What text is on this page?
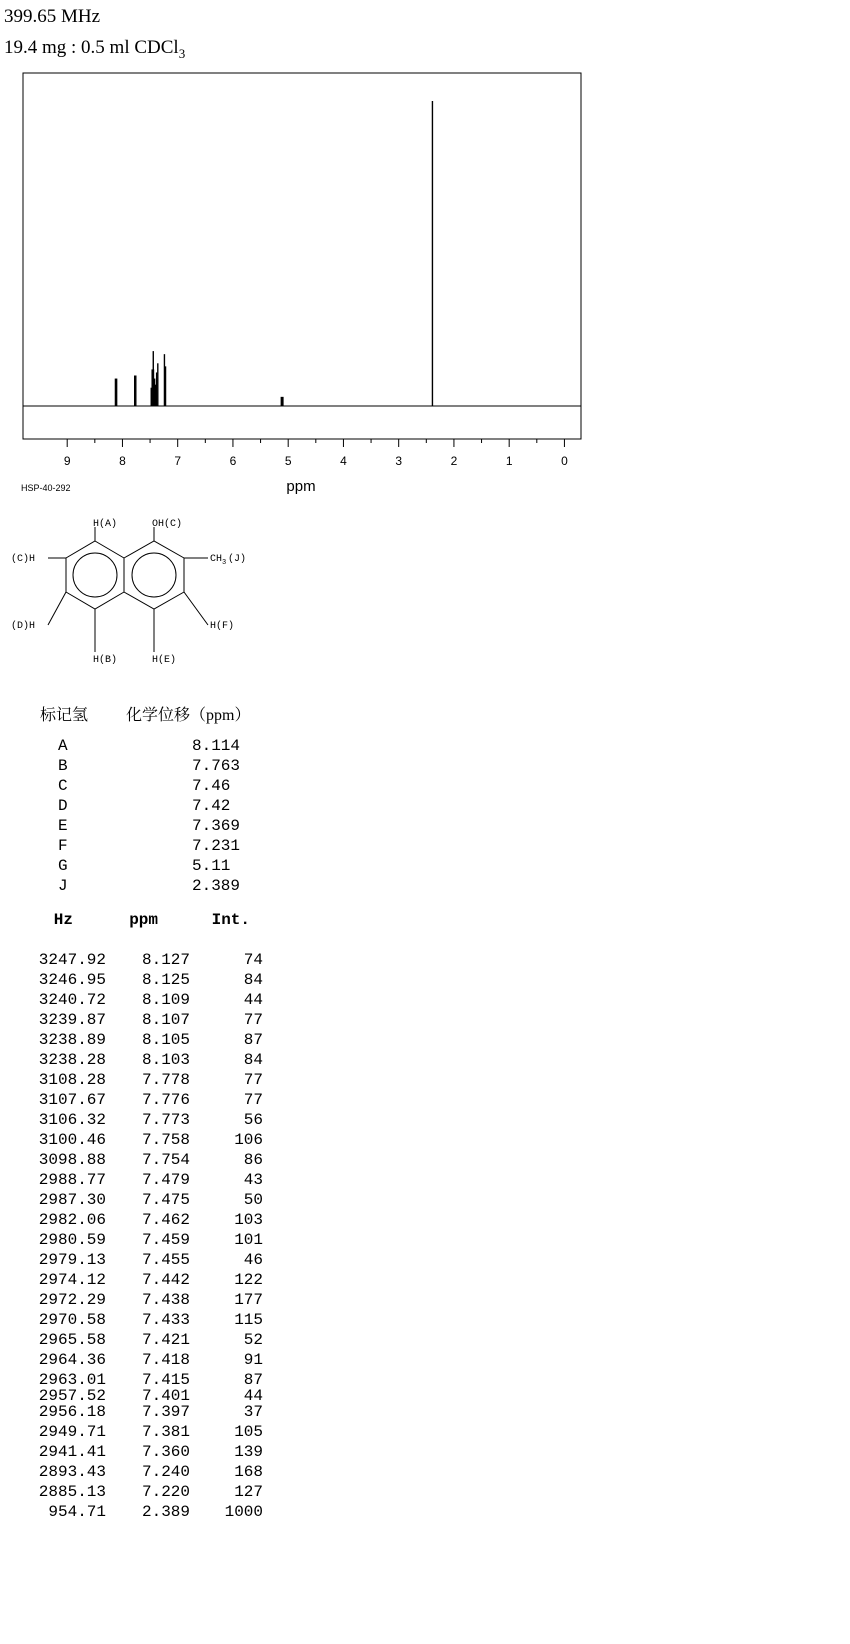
399.65 MHz
19.4 mg : 0.5 ml CDCl$_3$
9	8	7	6	5	4	3	2	1	0
ppm
HSP-40-292
H(A)	OH(C)
(C)H	CH 3 (J)
(D)H	H(F)
H(B)	H(E)
标记氢 化学位移（ppm）
A	8.114
B	7.763
C	7.46
D	7.42
E	7.369
F	7.231
G	5.11
J	2.389
Hz	ppm	Int.
3247.92 8.127	74
3246.95 8.125	84
3240.72 8.109	44
3239.87 8.107	77
3238.89 8.105	87
3238.28 8.103	84
3108.28 7.778	77
3107.67 7.776	77
3106.32 7.773	56
3100.46 7.758	106
3098.88 7.754	86
2988.77 7.479	43
2987.30 7.475	50
2982.06 7.462	103
2980.59 7.459	101
2979.13 7.455	46
2974.12 7.442	122
2972.29 7.438	177
2970.58 7.433	115
2965.58 7.421	52
2964.36 7.418	91
2963.01 7.415	87
2957.52 7.401	44
2956.18 7.397	37
2949.71 7.381	105
2941.41 7.360	139
2893.43 7.240	168
2885.13 7.220	127
954.71 2.389 1000
